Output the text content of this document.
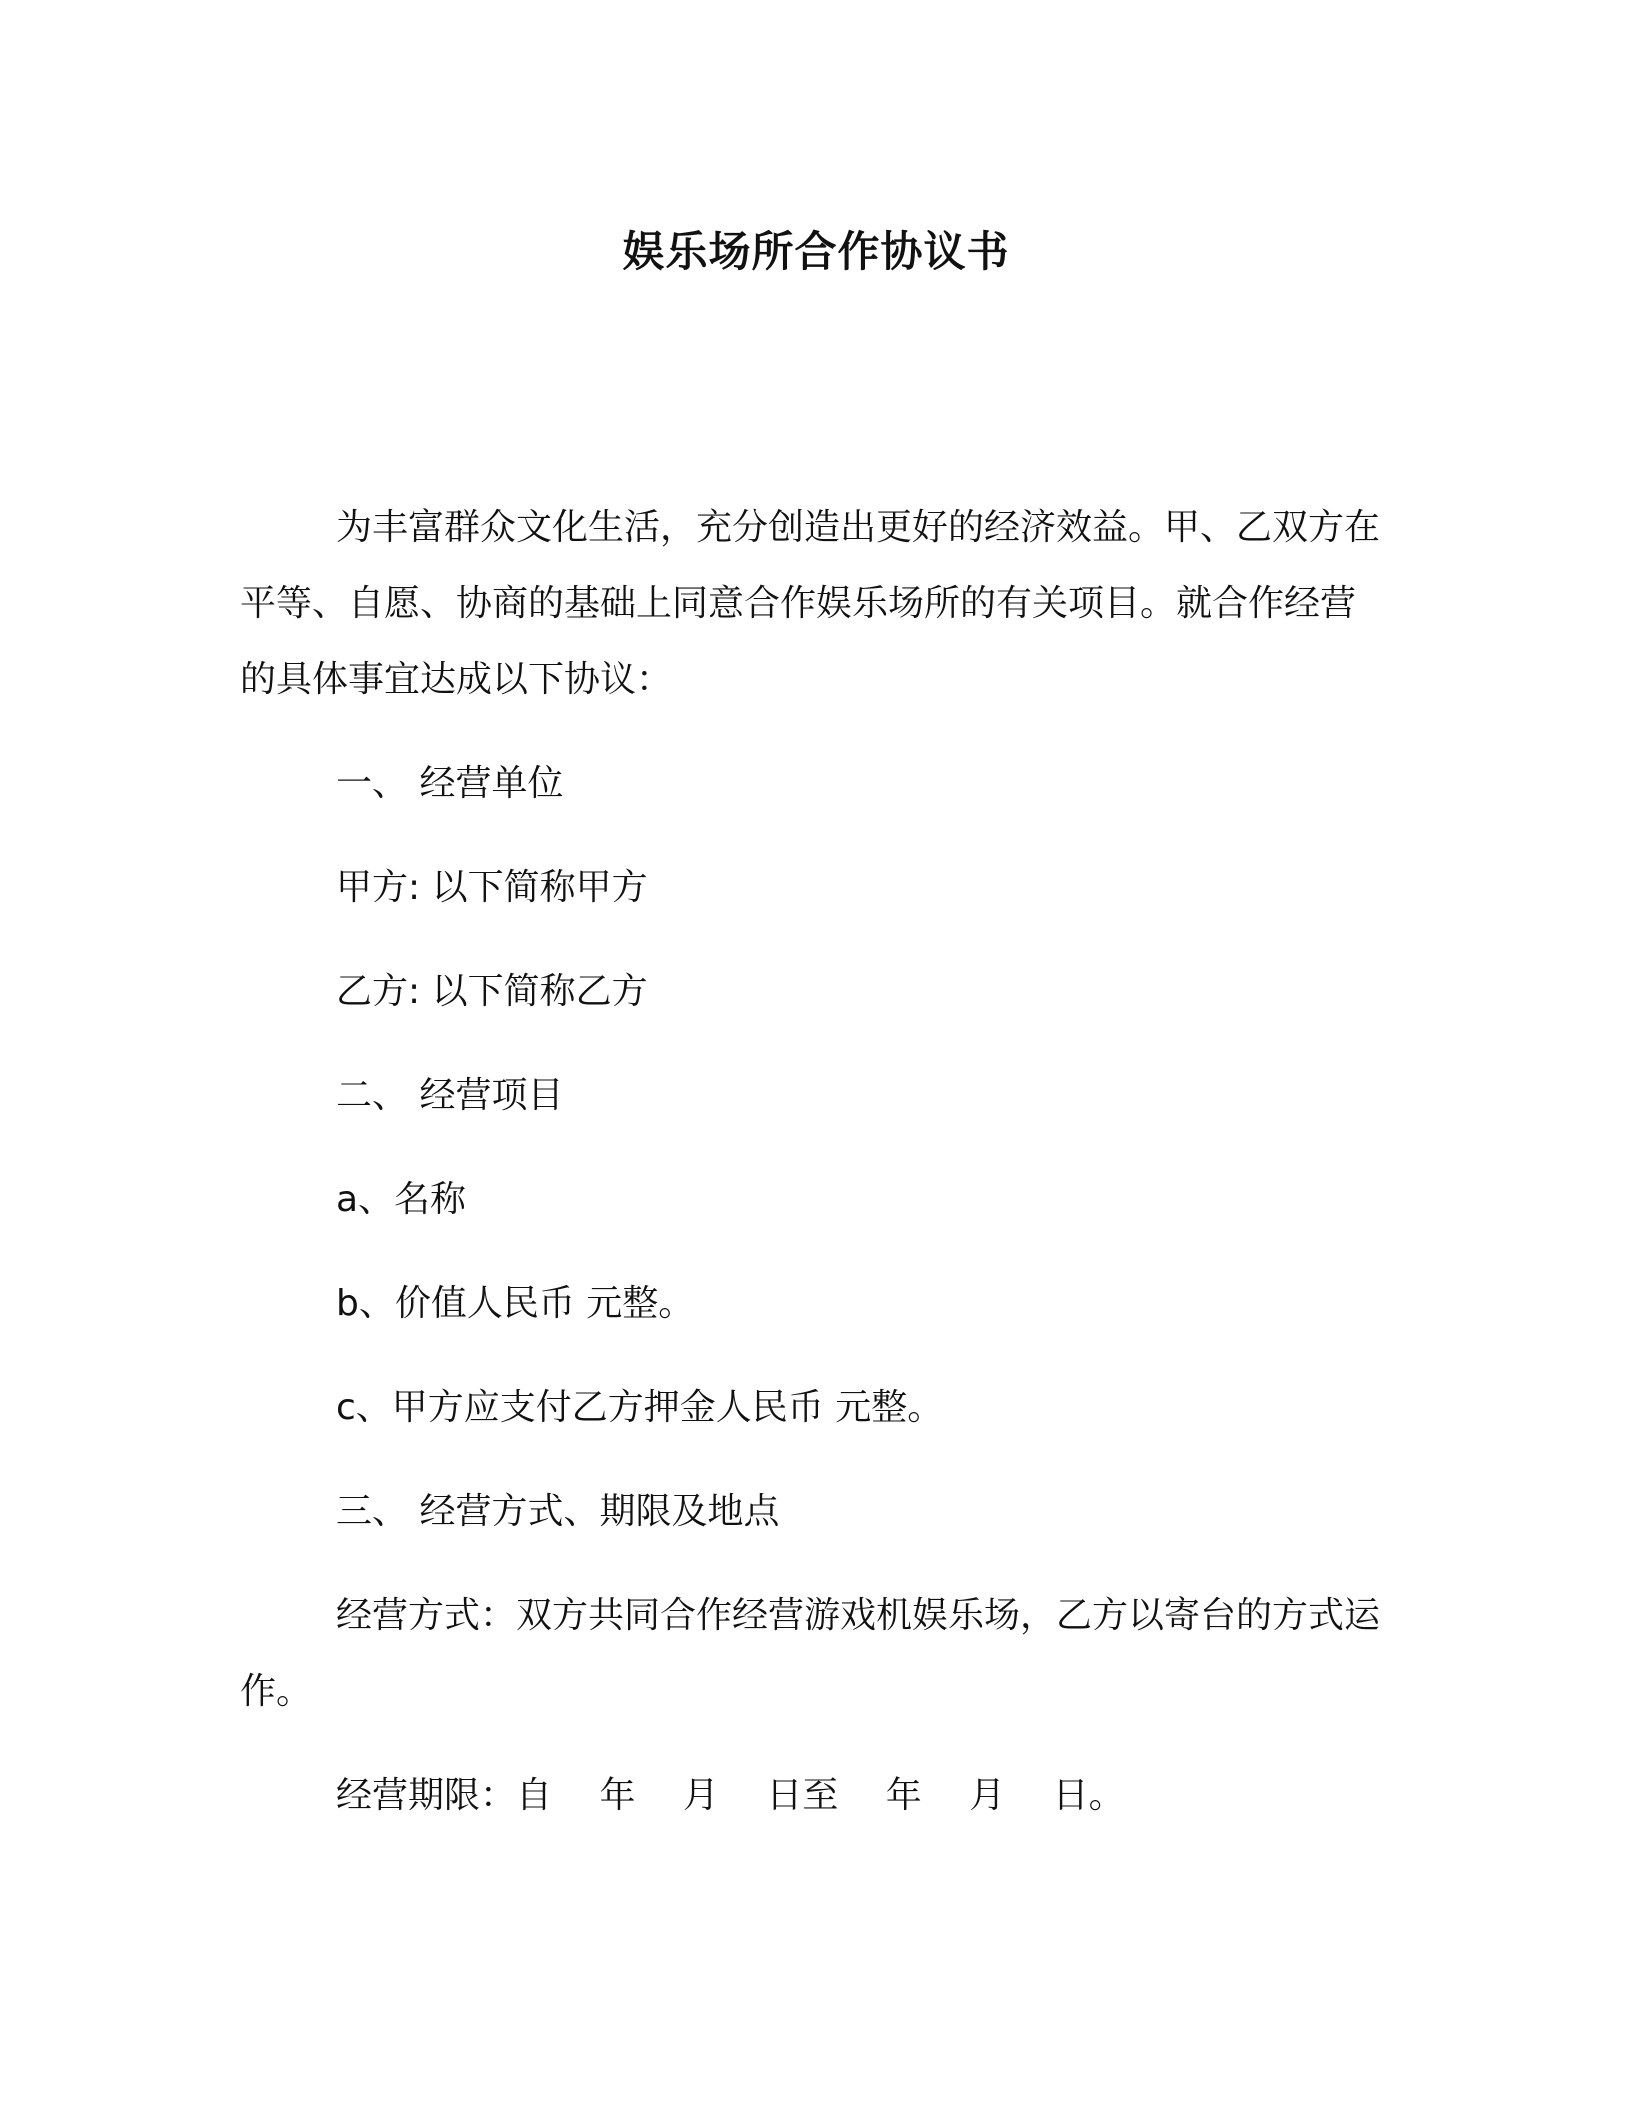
娱乐场所合作协议书

为丰富群众文化生活，充分创造出更好的经济效益。甲、乙双方在平等、自愿、协商的基础上同意合作娱乐场所的有关项目。就合作经营的具体事宜达成以下协议：

一、 经营单位

甲方: 以下简称甲方

乙方: 以下简称乙方

二、 经营项目

a、名称

b、价值人民币 元整。

c、甲方应支付乙方押金人民币 元整。

三、 经营方式、期限及地点

经营方式：双方共同合作经营游戏机娱乐场，乙方以寄台的方式运作。

经营期限：自　 年 　月 　日至 　年 　月 　日。
